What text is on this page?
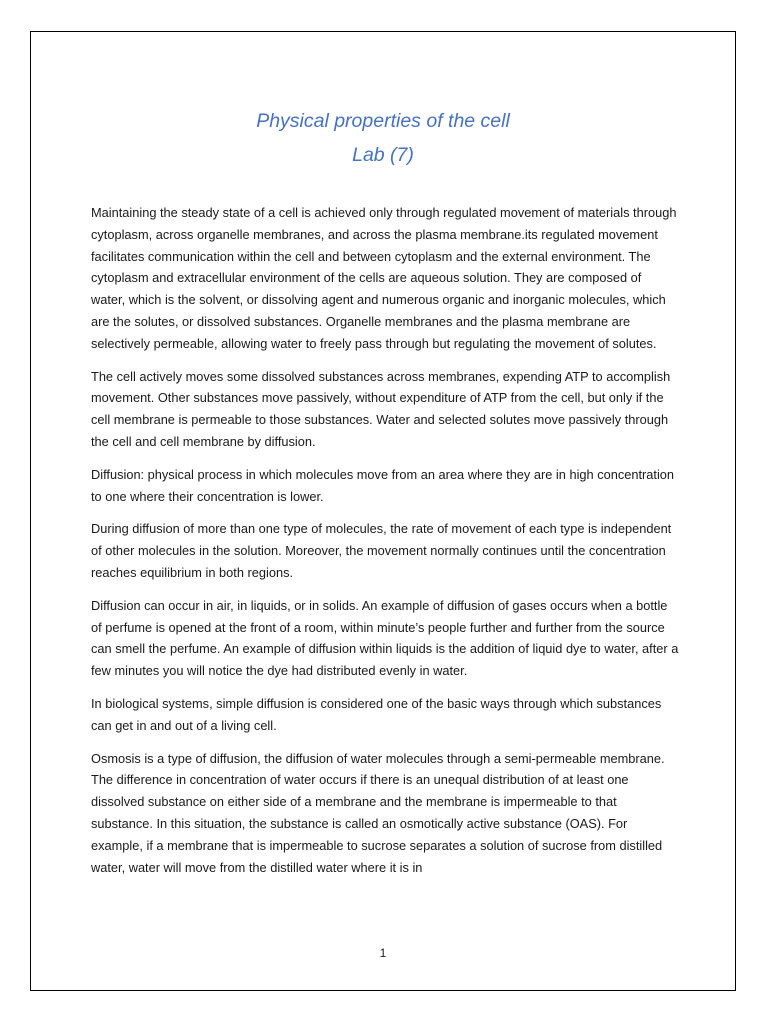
Physical properties of the cell
Lab (7)

Maintaining the steady state of a cell is achieved only through regulated movement of materials through cytoplasm, across organelle membranes, and across the plasma membrane.its regulated movement facilitates communication within the cell and between cytoplasm and the external environment. The cytoplasm and extracellular environment of the cells are aqueous solution. They are composed of water, which is the solvent, or dissolving agent and numerous organic and inorganic molecules, which are the solutes, or dissolved substances. Organelle membranes and the plasma membrane are selectively permeable, allowing water to freely pass through but regulating the movement of solutes.

The cell actively moves some dissolved substances across membranes, expending ATP to accomplish movement. Other substances move passively, without expenditure of ATP from the cell, but only if the cell membrane is permeable to those substances. Water and selected solutes move passively through the cell and cell membrane by diffusion.

Diffusion: physical process in which molecules move from an area where they are in high concentration to one where their concentration is lower.

During diffusion of more than one type of molecules, the rate of movement of each type is independent of other molecules in the solution. Moreover, the movement normally continues until the concentration reaches equilibrium in both regions.

Diffusion can occur in air, in liquids, or in solids. An example of diffusion of gases occurs when a bottle of perfume is opened at the front of a room, within minute’s people further and further from the source can smell the perfume. An example of diffusion within liquids is the addition of liquid dye to water, after a few minutes you will notice the dye had distributed evenly in water.

In biological systems, simple diffusion is considered one of the basic ways through which substances can get in and out of a living cell.

Osmosis is a type of diffusion, the diffusion of water molecules through a semi-permeable membrane. The difference in concentration of water occurs if there is an unequal distribution of at least one dissolved substance on either side of a membrane and the membrane is impermeable to that substance. In this situation, the substance is called an osmotically active substance (OAS). For example, if a membrane that is impermeable to sucrose separates a solution of sucrose from distilled water, water will move from the distilled water where it is in

1
